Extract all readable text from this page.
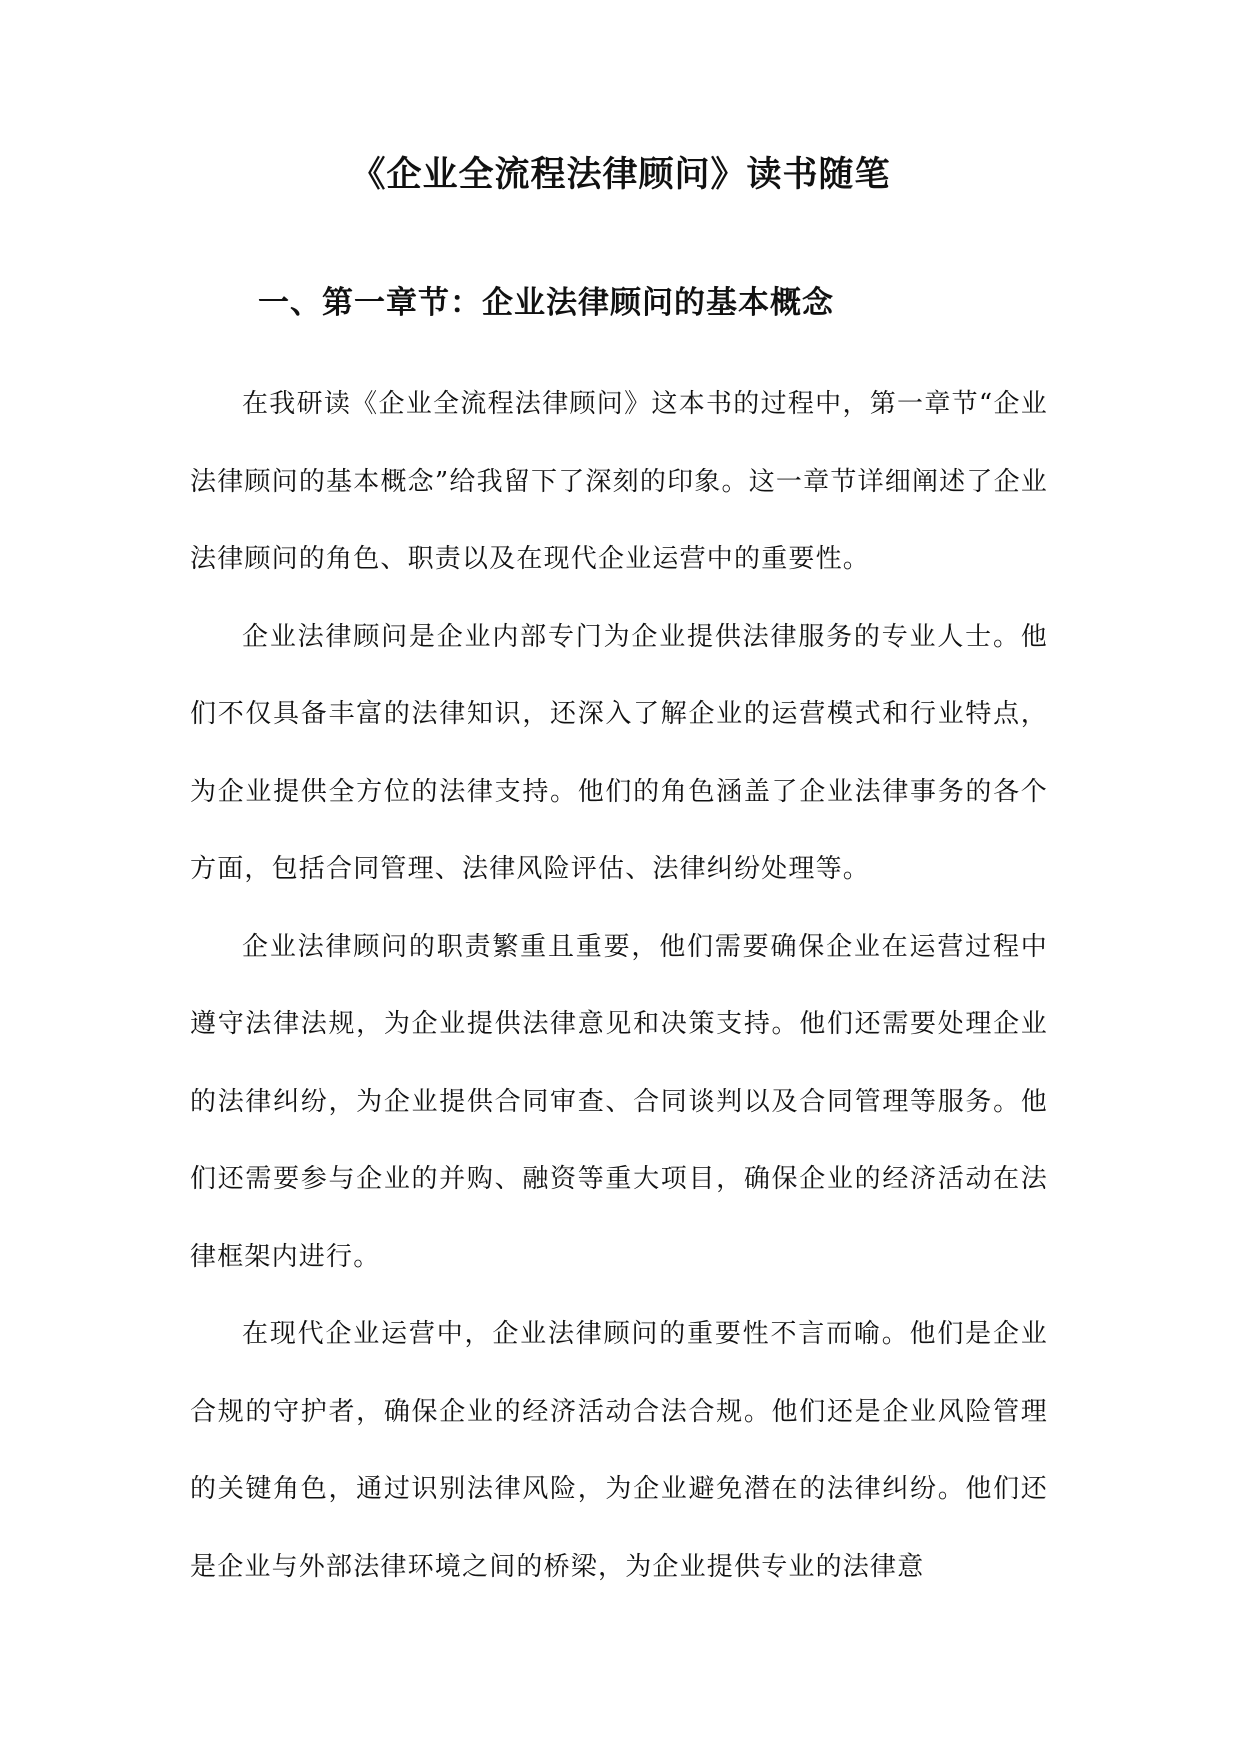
《企业全流程法律顾问》读书随笔
一、第一章节：企业法律顾问的基本概念

在我研读《企业全流程法律顾问》这本书的过程中，第一章节“企业法律顾问的基本概念”给我留下了深刻的印象。这一章节详细阐述了企业法律顾问的角色、职责以及在现代企业运营中的重要性。

企业法律顾问是企业内部专门为企业提供法律服务的专业人士。他们不仅具备丰富的法律知识，还深入了解企业的运营模式和行业特点，为企业提供全方位的法律支持。他们的角色涵盖了企业法律事务的各个方面，包括合同管理、法律风险评估、法律纠纷处理等。

企业法律顾问的职责繁重且重要，他们需要确保企业在运营过程中遵守法律法规，为企业提供法律意见和决策支持。他们还需要处理企业的法律纠纷，为企业提供合同审查、合同谈判以及合同管理等服务。他们还需要参与企业的并购、融资等重大项目，确保企业的经济活动在法律框架内进行。

在现代企业运营中，企业法律顾问的重要性不言而喻。他们是企业合规的守护者，确保企业的经济活动合法合规。他们还是企业风险管理的关键角色，通过识别法律风险，为企业避免潜在的法律纠纷。他们还是企业与外部法律环境之间的桥梁，为企业提供专业的法律意
